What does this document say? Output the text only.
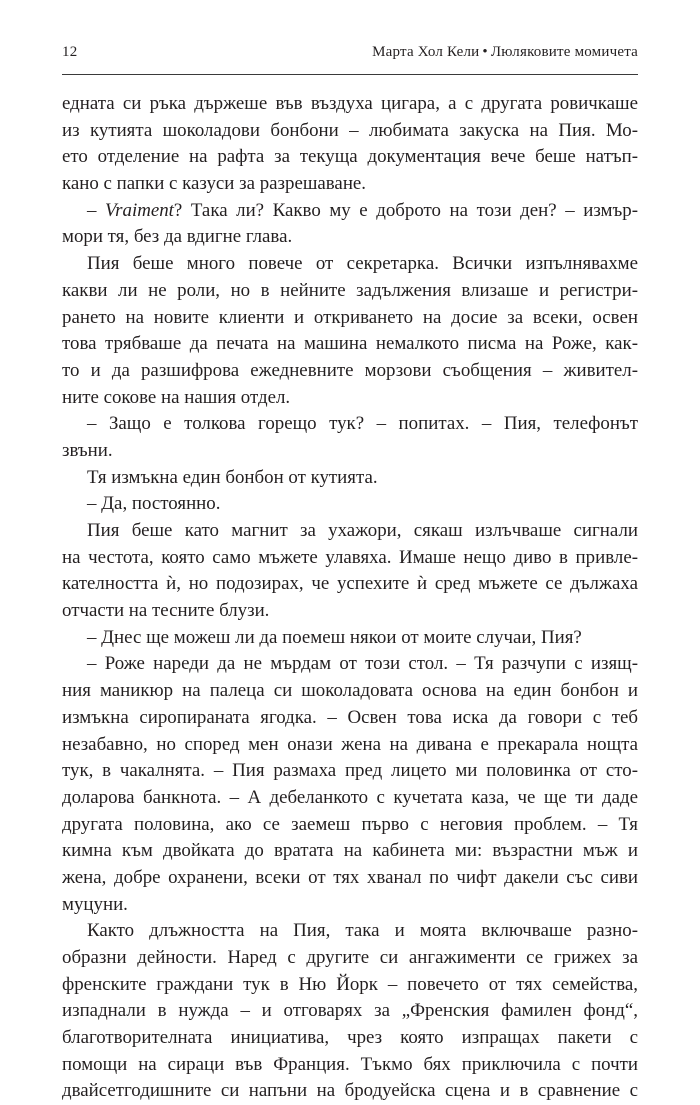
12	Марта Хол Кели • Люляковите момичета
едната си ръка държеше във въздуха цигара, а с другата ровичкаше
из кутията шоколадови бонбони – любимата закуска на Пия. Мо-
ето отделение на рафта за текуща документация вече беше натъп-
кано с папки с казуси за разрешаване.
– Vraiment? Така ли? Какво му е доброто на този ден? – измър-
мори тя, без да вдигне глава.
Пия беше много повече от секретарка. Всички изпълнявахме
какви ли не роли, но в нейните задължения влизаше и регистри-
рането на новите клиенти и откриването на досие за всеки, освен
това трябваше да печата на машина немалкото писма на Роже, как-
то и да разшифрова ежедневните морзови съобщения – живител-
ните сокове на нашия отдел.
– Защо е толкова горещо тук? – попитах. – Пия, телефонът
звъни.
Тя измъкна един бонбон от кутията.
– Да, постоянно.
Пия беше като магнит за ухажори, сякаш излъчваше сигнали
на честота, която само мъжете улавяха. Имаше нещо диво в привле-
кателността ѝ, но подозирах, че успехите ѝ сред мъжете се дължаха
отчасти на тесните блузи.
– Днес ще можеш ли да поемеш някои от моите случаи, Пия?
– Роже нареди да не мърдам от този стол. – Тя разчупи с изящ-
ния маникюр на палеца си шоколадовата основа на един бонбон и
измъкна сиропираната ягодка. – Освен това иска да говори с теб
незабавно, но според мен онази жена на дивана е прекарала нощта
тук, в чакалнята. – Пия размаха пред лицето ми половинка от сто-
доларова банкнота. – А дебеланкото с кучетата каза, че ще ти даде
другата половина, ако се заемеш първо с неговия проблем. – Тя
кимна към двойката до вратата на кабинета ми: възрастни мъж и
жена, добре охранени, всеки от тях хванал по чифт дакели със сиви
муцуни.
Както длъжността на Пия, така и моята включваше разно-
образни дейности. Наред с другите си ангажименти се грижех за
френските граждани тук в Ню Йорк – повечето от тях семейства,
изпаднали в нужда – и отговарях за „Френския фамилен фонд“,
благотворителната инициатива, чрез която изпращах пакети с
помощи на сираци във Франция. Тъкмо бях приключила с почти
двайсетгодишните си напъни на бродуейска сцена и в сравнение с
